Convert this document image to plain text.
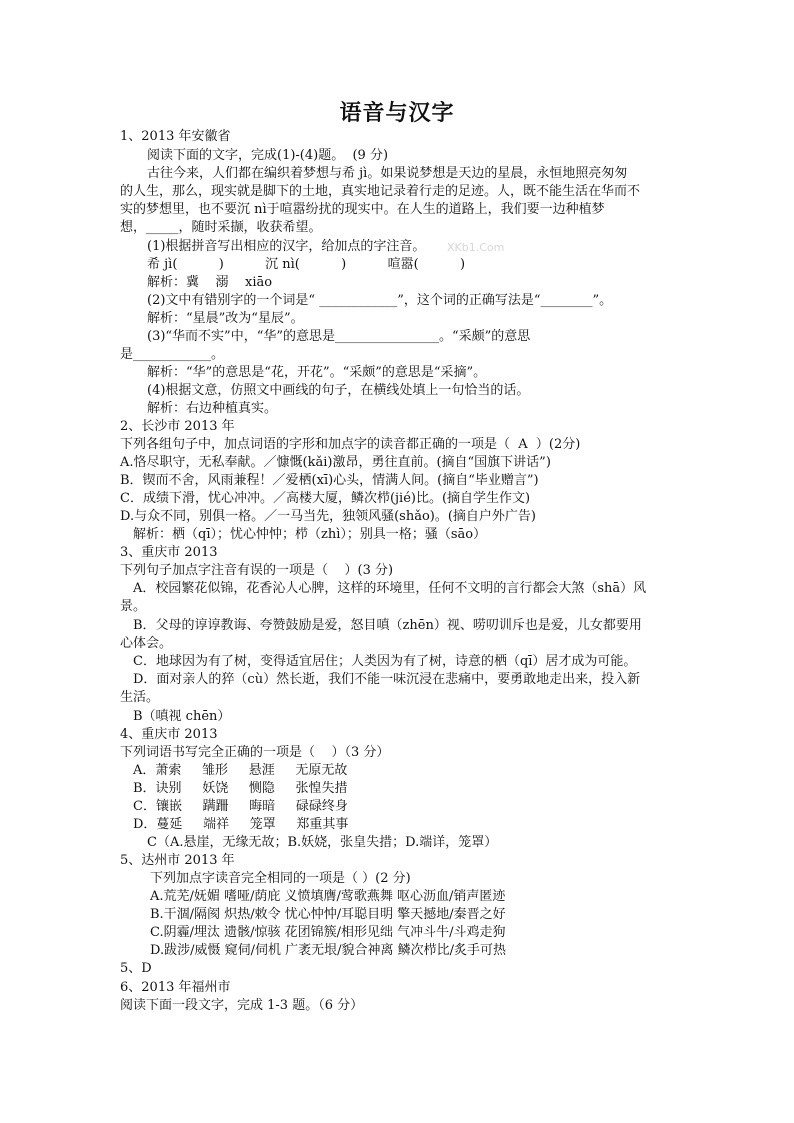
语音与汉字
1、2013 年安徽省
阅读下面的文字，完成(1)-(4)题。  (9 分)
古往今来，人们都在编织着梦想与希 jì。如果说梦想是天边的星晨，永恒地照亮匆匆
的人生，那么，现实就是脚下的土地，真实地记录着行走的足迹。人，既不能生活在华而不
实的梦想里，也不要沉 nì于喧嚣纷扰的现实中。在人生的道路上，我们要一边种植梦
想，_____，随时采撷，收获希望。
(1)根据拼音写出相应的汉字，给加点的字注音。 XKb1.Com
希 jì(          )          沉 nì(          )          喧嚣(          )
解析：冀    溺    xiāo
(2)文中有错别字的一个词是“ ____________”，这个词的正确写法是“________”。
解析：“星晨”改为“星辰”。
(3)“华而不实”中，“华”的意思是________________。“采颇”的意思
是____________。
解析：“华”的意思是“花，开花”。“采颇”的意思是“采摘”。
(4)根据文意，仿照文中画线的句子，在横线处填上一句恰当的话。
解析：右边种植真实。
2、长沙市 2013 年
下列各组句子中，加点词语的字形和加点字的读音都正确的一项是（  A  ）(2分)
A.恪尽职守，无私奉献。／慷慨(kǎi)激昂，勇往直前。(摘自“国旗下讲话”)
B．锲而不舍，风雨兼程！／爱栖(xī)心头，情满人间。(摘自“毕业赠言”)
C．成绩下滑，忧心冲冲。／高楼大厦，鳞次栉(jié)比。(摘自学生作文)
D.与众不同，别俱一格。／一马当先，独领风骚(shǎo)。(摘自户外广告)
解析：栖（qī）；忧心忡忡；栉（zhì）；别具一格；骚（sāo）
3、重庆市 2013
下列句子加点字注音有误的一项是（    ）(3 分)
A．校园繁花似锦，花香沁人心脾，这样的环境里，任何不文明的言行都会大煞（shā）风
景。
B．父母的谆谆教诲、夸赞鼓励是爱，怒目嗔（zhēn）视、唠叨训斥也是爱，儿女都要用
心体会。
C．地球因为有了树，变得适宜居住；人类因为有了树，诗意的栖（qī）居才成为可能。
D．面对亲人的猝（cù）然长逝，我们不能一味沉浸在悲痛中，要勇敢地走出来，投入新
生活。
B（嗔视 chēn）
4、重庆市 2013
下列词语书写完全正确的一项是（    ）（3 分）
A．萧索     雏形     悬涯     无原无故
B．诀别     妖饶     恻隐     张惶失措
C．镶嵌     蹒跚     晦暗     碌碌终身
D．蔓延     端祥     笼罩     郑重其事
C（A.悬崖，无缘无故；B.妖娆，张皇失措；D.端详，笼罩）
5、达州市 2013 年
下列加点字读音完全相同的一项是（ ）(2 分)
A.荒芜/妩媚 嗜哑/荫庇 义愤填膺/莺歌燕舞 呕心沥血/销声匿迹
B.干涸/隔阂 炽热/敕令 忧心忡忡/耳聪目明 擎天撼地/秦晋之好
C.阴霾/埋汰 遗骸/惊骇 花团锦簇/相形见绌 气冲斗牛/斗鸡走狗
D.跋涉/威慑 窥伺/伺机 广袤无垠/貌合神离 鳞次栉比/炙手可热
5、D
6、2013 年福州市
阅读下面一段文字，完成 1-3 题。（6 分）
